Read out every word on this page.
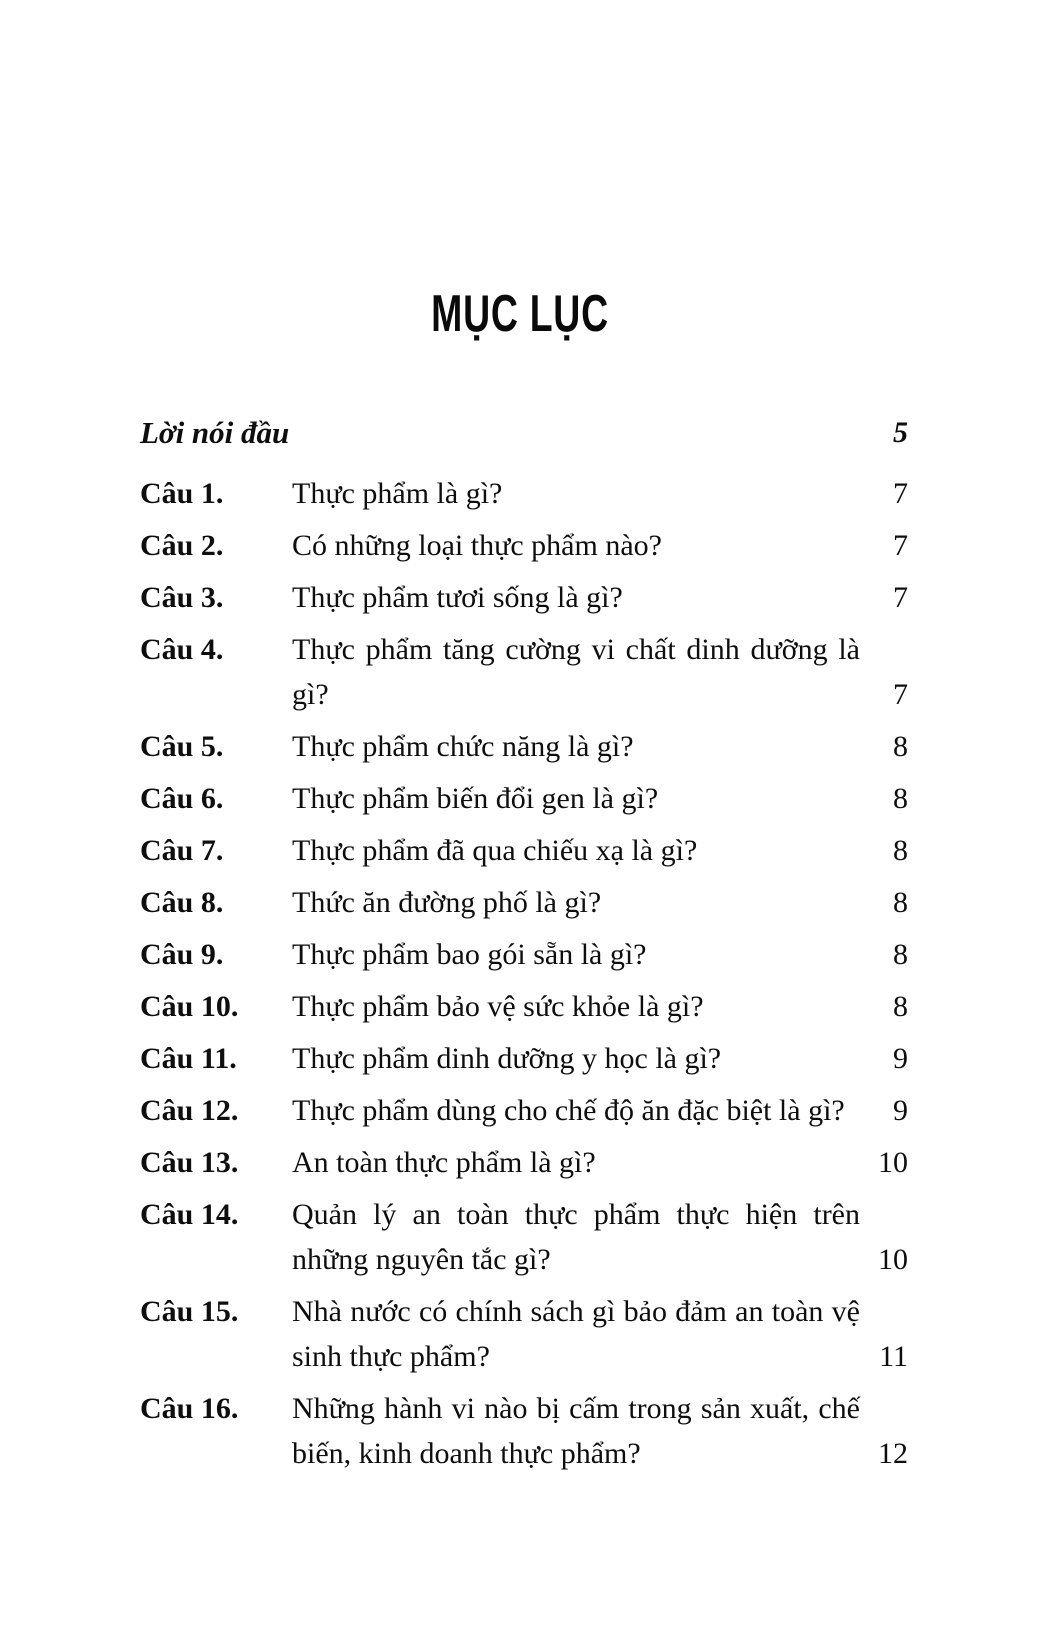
MỤC LỤC
Lời nói đầu	5
Câu 1.	Thực phẩm là gì?	7
Câu 2.	Có những loại thực phẩm nào?	7
Câu 3.	Thực phẩm tươi sống là gì?	7
Câu 4.	Thực phẩm tăng cường vi chất dinh dưỡng là gì?	7
Câu 5.	Thực phẩm chức năng là gì?	8
Câu 6.	Thực phẩm biến đổi gen là gì?	8
Câu 7.	Thực phẩm đã qua chiếu xạ là gì?	8
Câu 8.	Thức ăn đường phố là gì?	8
Câu 9.	Thực phẩm bao gói sẵn là gì?	8
Câu 10.	Thực phẩm bảo vệ sức khỏe là gì?	8
Câu 11.	Thực phẩm dinh dưỡng y học là gì?	9
Câu 12.	Thực phẩm dùng cho chế độ ăn đặc biệt là gì?	9
Câu 13.	An toàn thực phẩm là gì?	10
Câu 14.	Quản lý an toàn thực phẩm thực hiện trên những nguyên tắc gì?	10
Câu 15.	Nhà nước có chính sách gì bảo đảm an toàn vệ sinh thực phẩm?	11
Câu 16.	Những hành vi nào bị cấm trong sản xuất, chế biến, kinh doanh thực phẩm?	12
